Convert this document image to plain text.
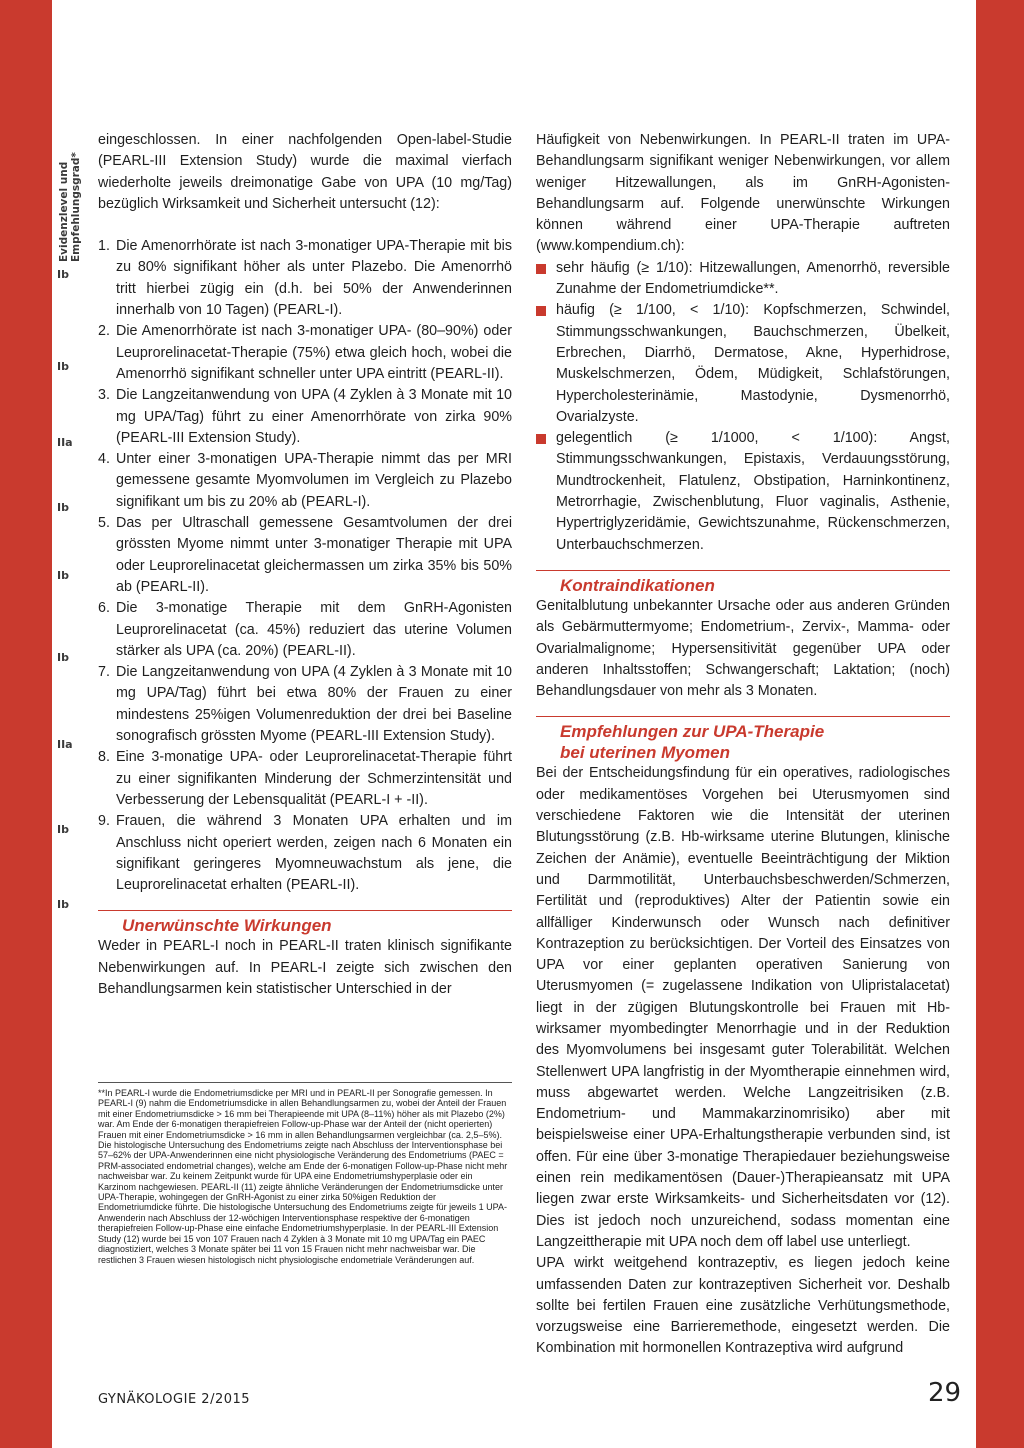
Evidenzlevel und Empfehlungsgrad*
Ib
Ib
IIa
Ib
Ib
Ib
IIa
Ib
Ib

eingeschlossen. In einer nachfolgenden Open-label-Studie (PEARL-III Extension Study) wurde die maximal vierfach wiederholte jeweils dreimonatige Gabe von UPA (10 mg/Tag) bezüglich Wirksamkeit und Sicherheit untersucht (12):

1. Die Amenorrhörate ist nach 3-monatiger UPA-Therapie mit bis zu 80% signifikant höher als unter Plazebo. Die Amenorrhö tritt hierbei zügig ein (d.h. bei 50% der Anwenderinnen innerhalb von 10 Tagen) (PEARL-I).
2. Die Amenorrhörate ist nach 3-monatiger UPA- (80–90%) oder Leuprorelinacetat-Therapie (75%) etwa gleich hoch, wobei die Amenorrhö signifikant schneller unter UPA eintritt (PEARL-II).
3. Die Langzeitanwendung von UPA (4 Zyklen à 3 Monate mit 10 mg UPA/Tag) führt zu einer Amenorrhörate von zirka 90% (PEARL-III Extension Study).
4. Unter einer 3-monatigen UPA-Therapie nimmt das per MRI gemessene gesamte Myomvolumen im Vergleich zu Plazebo signifikant um bis zu 20% ab (PEARL-I).
5. Das per Ultraschall gemessene Gesamtvolumen der drei grössten Myome nimmt unter 3-monatiger Therapie mit UPA oder Leuprorelinacetat gleichermassen um zirka 35% bis 50% ab (PEARL-II).
6. Die 3-monatige Therapie mit dem GnRH-Agonisten Leuprorelinacetat (ca. 45%) reduziert das uterine Volumen stärker als UPA (ca. 20%) (PEARL-II).
7. Die Langzeitanwendung von UPA (4 Zyklen à 3 Monate mit 10 mg UPA/Tag) führt bei etwa 80% der Frauen zu einer mindestens 25%igen Volumenreduktion der drei bei Baseline sonografisch grössten Myome (PEARL-III Extension Study).
8. Eine 3-monatige UPA- oder Leuprorelinacetat-Therapie führt zu einer signifikanten Minderung der Schmerzintensität und Verbesserung der Lebensqualität (PEARL-I + -II).
9. Frauen, die während 3 Monaten UPA erhalten und im Anschluss nicht operiert werden, zeigen nach 6 Monaten ein signifikant geringeres Myomneuwachstum als jene, die Leuprorelinacetat erhalten (PEARL-II).
Unerwünschte Wirkungen

Weder in PEARL-I noch in PEARL-II traten klinisch signifikante Nebenwirkungen auf. In PEARL-I zeigte sich zwischen den Behandlungsarmen kein statistischer Unterschied in der

**In PEARL-I wurde die Endometriumsdicke per MRI und in PEARL-II per Sonografie gemessen. In PEARL-I (9) nahm die Endometriumsdicke in allen Behandlungsarmen zu, wobei der Anteil der Frauen mit einer Endometriumsdicke > 16 mm bei Therapieende mit UPA (8–11%) höher als mit Plazebo (2%) war. Am Ende der 6-monatigen therapiefreien Follow-up-Phase war der Anteil der (nicht operierten) Frauen mit einer Endometriumsdicke > 16 mm in allen Behandlungsarmen vergleichbar (ca. 2,5–5%). Die histologische Untersuchung des Endometriums zeigte nach Abschluss der Interventionsphase bei 57–62% der UPA-Anwenderinnen eine nicht physiologische Veränderung des Endometriums (PAEC = PRM-associated endometrial changes), welche am Ende der 6-monatigen Follow-up-Phase nicht mehr nachweisbar war. Zu keinem Zeitpunkt wurde für UPA eine Endometriumshyperplasie oder ein Karzinom nachgewiesen. PEARL-II (11) zeigte ähnliche Veränderungen der Endometriumsdicke unter UPA-Therapie, wohingegen der GnRH-Agonist zu einer zirka 50%igen Reduktion der Endometriumdicke führte. Die histologische Untersuchung des Endometriums zeigte für jeweils 1 UPA-Anwenderin nach Abschluss der 12-wöchigen Interventionsphase respektive der 6-monatigen therapiefreien Follow-up-Phase eine einfache Endometriumshyperplasie. In der PEARL-III Extension Study (12) wurde bei 15 von 107 Frauen nach 4 Zyklen à 3 Monate mit 10 mg UPA/Tag ein PAEC diagnostiziert, welches 3 Monate später bei 11 von 15 Frauen nicht mehr nachweisbar war. Die restlichen 3 Frauen wiesen histologisch nicht physiologische endometriale Veränderungen auf.

Häufigkeit von Nebenwirkungen. In PEARL-II traten im UPA-Behandlungsarm signifikant weniger Nebenwirkungen, vor allem weniger Hitzewallungen, als im GnRH-Agonisten-Behandlungsarm auf. Folgende unerwünschte Wirkungen können während einer UPA-Therapie auftreten (www.kompendium.ch):

sehr häufig (≥ 1/10): Hitzewallungen, Amenorrhö, reversible Zunahme der Endometriumdicke**.
häufig (≥ 1/100, < 1/10): Kopfschmerzen, Schwindel, Stimmungsschwankungen, Bauchschmerzen, Übelkeit, Erbrechen, Diarrhö, Dermatose, Akne, Hyperhidrose, Muskelschmerzen, Ödem, Müdigkeit, Schlafstörungen, Hypercholesterinämie, Mastodynie, Dysmenorrhö, Ovarialzyste.
gelegentlich (≥ 1/1000, < 1/100): Angst, Stimmungsschwankungen, Epistaxis, Verdauungsstörung, Mundtrockenheit, Flatulenz, Obstipation, Harninkontinenz, Metrorrhagie, Zwischenblutung, Fluor vaginalis, Asthenie, Hypertriglyzeridämie, Gewichtszunahme, Rückenschmerzen, Unterbauchschmerzen.
Kontraindikationen

Genitalblutung unbekannter Ursache oder aus anderen Gründen als Gebärmuttermyome; Endometrium-, Zervix-, Mamma- oder Ovarialmalignome; Hypersensitivität gegenüber UPA oder anderen Inhaltsstoffen; Schwangerschaft; Laktation; (noch) Behandlungsdauer von mehr als 3 Monaten.

Empfehlungen zur UPA-Therapie
bei uterinen Myomen

Bei der Entscheidungsfindung für ein operatives, radiologisches oder medikamentöses Vorgehen bei Uterusmyomen sind verschiedene Faktoren wie die Intensität der uterinen Blutungsstörung (z.B. Hb-wirksame uterine Blutungen, klinische Zeichen der Anämie), eventuelle Beeinträchtigung der Miktion und Darmmotilität, Unterbauchsbeschwerden/Schmerzen, Fertilität und (reproduktives) Alter der Patientin sowie ein allfälliger Kinderwunsch oder Wunsch nach definitiver Kontrazeption zu berücksichtigen. Der Vorteil des Einsatzes von UPA vor einer geplanten operativen Sanierung von Uterusmyomen (= zugelassene Indikation von Ulipristalacetat) liegt in der zügigen Blutungskontrolle bei Frauen mit Hb-wirksamer myombedingter Menorrhagie und in der Reduktion des Myomvolumens bei insgesamt guter Tolerabilität. Welchen Stellenwert UPA langfristig in der Myomtherapie einnehmen wird, muss abgewartet werden. Welche Langzeitrisiken (z.B. Endometrium- und Mammakarzinomrisiko) aber mit beispielsweise einer UPA-Erhaltungstherapie verbunden sind, ist offen. Für eine über 3-monatige Therapiedauer beziehungsweise einen rein medikamentösen (Dauer-)Therapieansatz mit UPA liegen zwar erste Wirksamkeits- und Sicherheitsdaten vor (12). Dies ist jedoch noch unzureichend, sodass momentan eine Langzeittherapie mit UPA noch dem off label use unterliegt.

UPA wirkt weitgehend kontrazeptiv, es liegen jedoch keine umfassenden Daten zur kontrazeptiven Sicherheit vor. Deshalb sollte bei fertilen Frauen eine zusätzliche Verhütungsmethode, vorzugsweise eine Barrieremethode, eingesetzt werden. Die Kombination mit hormonellen Kontrazeptiva wird aufgrund

GYNÄKOLOGIE 2/2015	29
